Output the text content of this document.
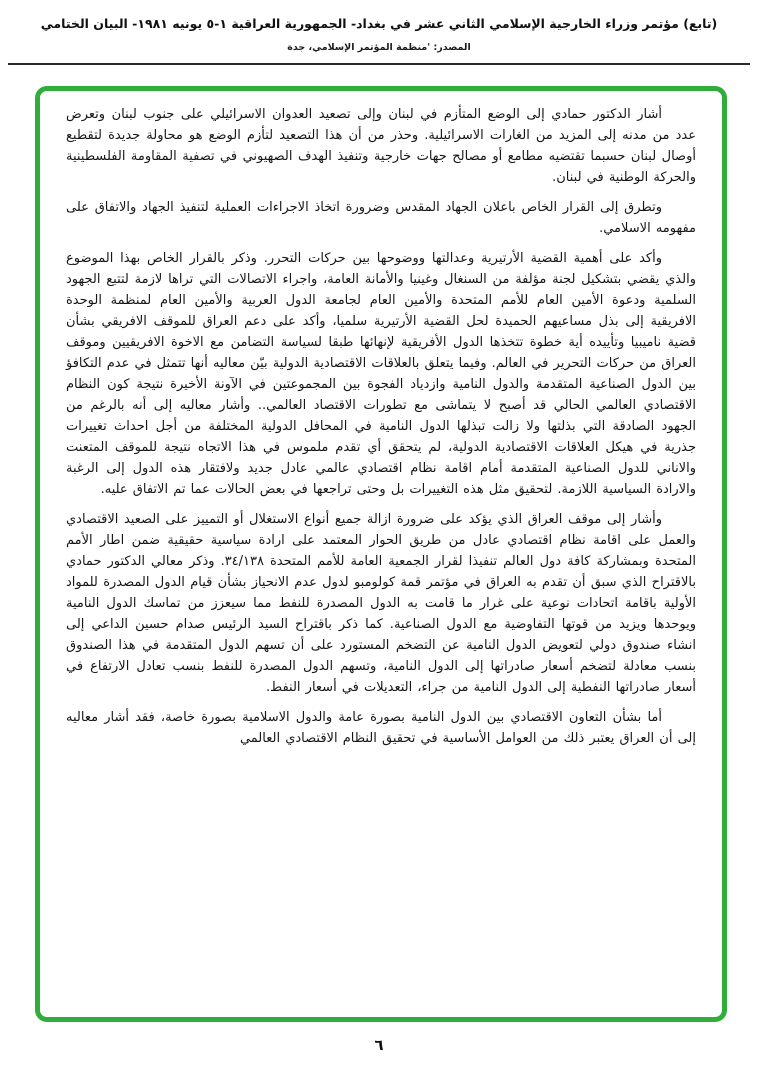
(تابع) مؤتمر وزراء الخارجية الإسلامي الثاني عشر في بغداد- الجمهورية العراقية ١-٥ يونيه ١٩٨١- البيان الختامي
المصدر: 'منظمة المؤتمر الإسلامي، جدة

أشار الدكتور حمادي إلى الوضع المتأزم في لبنان وإلى تصعيد العدوان الاسرائيلي على جنوب لبنان وتعرض عدد من مدنه إلى المزيد من الغارات الاسرائيلية. وحذر من أن هذا التصعيد لتأزم الوضع هو محاولة جديدة لتقطيع أوصال لبنان حسبما تقتضيه مطامع أو مصالح جهات خارجية وتنفيذ الهدف الصهيوني في تصفية المقاومة الفلسطينية والحركة الوطنية في لبنان.

وتطرق إلى القرار الخاص باعلان الجهاد المقدس وضرورة اتخاذ الاجراءات العملية لتنفيذ الجهاد والاتفاق على مفهومه الاسلامي.

وأكد على أهمية القضية الأرتيرية وعدالتها ووضوحها بين حركات التحرر. وذكر بالقرار الخاص بهذا الموضوع والذي يقضي بتشكيل لجنة مؤلفة من السنغال وغينيا والأمانة العامة، واجراء الاتصالات التي تراها لازمة لتتبع الجهود السلمية ودعوة الأمين العام للأمم المتحدة والأمين العام لجامعة الدول العربية والأمين العام لمنظمة الوحدة الافريقية إلى بذل مساعيهم الحميدة لحل القضية الأرتيرية سلميا، وأكد على دعم العراق للموقف الافريقي بشأن قضية ناميبيا وتأييده أية خطوة تتخذها الدول الأفريقية لإنهائها طبقا لسياسة التضامن مع الاخوة الافريقيين وموقف العراق من حركات التحرير في العالم. وفيما يتعلق بالعلاقات الاقتصادية الدولية بيّن معاليه أنها تتمثل في عدم التكافؤ بين الدول الصناعية المتقدمة والدول النامية وازدياد الفجوة بين المجموعتين في الآونة الأخيرة نتيجة كون النظام الاقتصادي العالمي الحالي قد أصبح لا يتماشى مع تطورات الاقتصاد العالمي.. وأشار معاليه إلى أنه بالرغم من الجهود الصادقة التي بذلتها ولا زالت تبذلها الدول النامية في المحافل الدولية المختلفة من أجل احداث تغييرات جذرية في هيكل العلاقات الاقتصادية الدولية، لم يتحقق أي تقدم ملموس في هذا الاتجاه نتيجة للموقف المتعنت والاناني للدول الصناعية المتقدمة أمام اقامة نظام اقتصادي عالمي عادل جديد ولافتقار هذه الدول إلى الرغبة والارادة السياسية اللازمة. لتحقيق مثل هذه التغييرات بل وحتى تراجعها في بعض الحالات عما تم الاتفاق عليه.

وأشار إلى موقف العراق الذي يؤكد على ضرورة ازالة جميع أنواع الاستغلال أو التمييز على الصعيد الاقتصادي والعمل على اقامة نظام اقتصادي عادل من طريق الحوار المعتمد على ارادة سياسية حقيقية ضمن اطار الأمم المتحدة وبمشاركة كافة دول العالم تنفيذا لقرار الجمعية العامة للأمم المتحدة ٣٤/١٣٨. وذكر معالي الدكتور حمادي بالاقتراح الذي سبق أن تقدم به العراق في مؤتمر قمة كولومبو لدول عدم الانحياز بشأن قيام الدول المصدرة للمواد الأولية باقامة اتحادات نوعية على غرار ما قامت به الدول المصدرة للنفط مما سيعزز من تماسك الدول النامية ويوحدها ويزيد من قوتها التفاوضية مع الدول الصناعية. كما ذكر باقتراح السيد الرئيس صدام حسين الداعي إلى انشاء صندوق دولي لتعويض الدول النامية عن التضخم المستورد على أن تسهم الدول المتقدمة في هذا الصندوق بنسب معادلة لتضخم أسعار صادراتها إلى الدول النامية، وتسهم الدول المصدرة للنفط بنسب تعادل الارتفاع في أسعار صادراتها النفطية إلى الدول النامية من جراء، التعديلات في أسعار النفط.

أما بشأن التعاون الاقتصادي بين الدول النامية بصورة عامة والدول الاسلامية بصورة خاصة، فقد أشار معاليه إلى أن العراق يعتبر ذلك من العوامل الأساسية في تحقيق النظام الاقتصادي العالمي

٦
